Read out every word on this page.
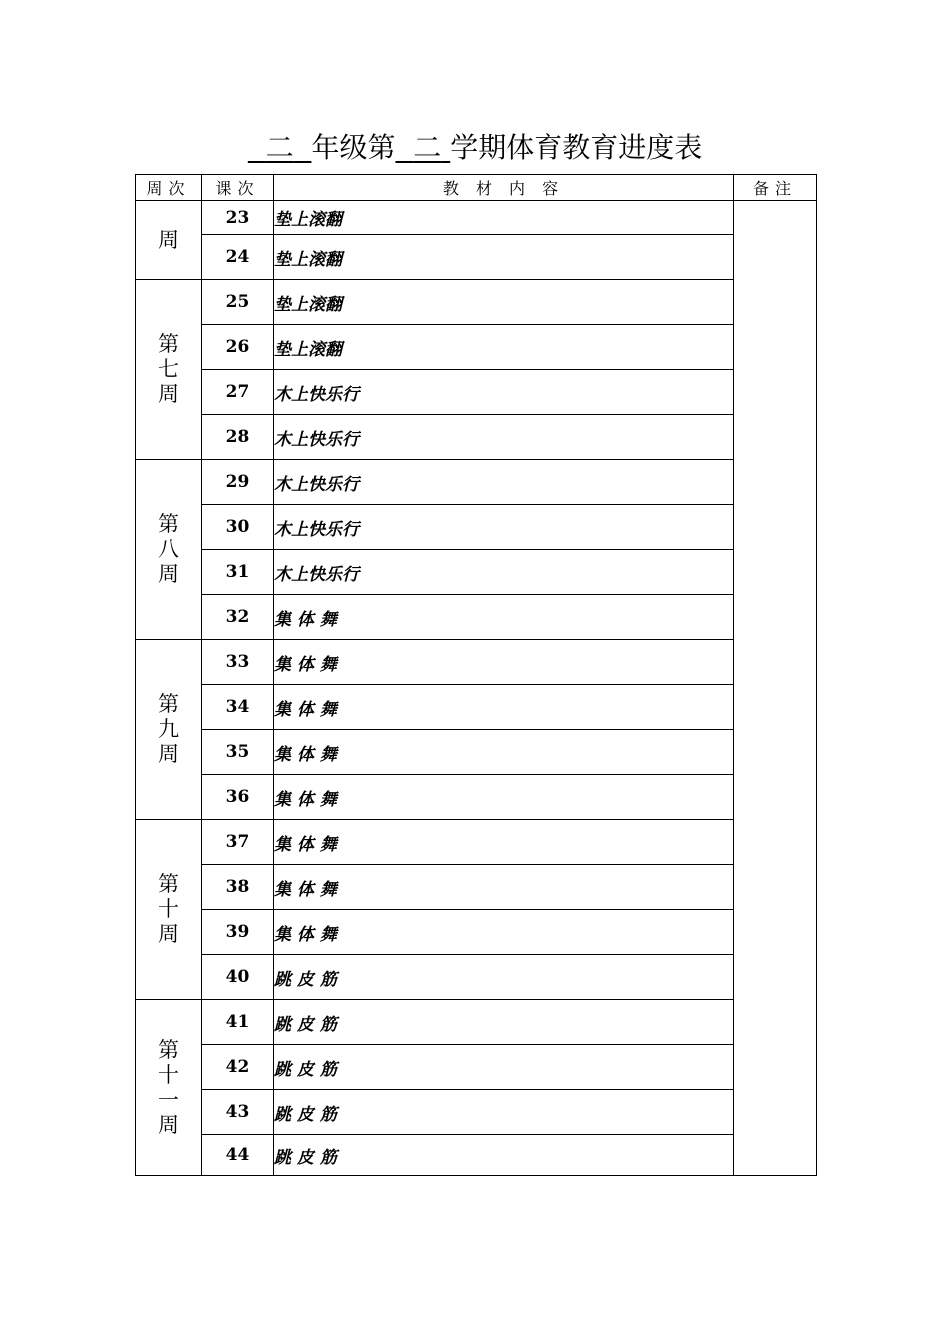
二 年级第 二 学期体育教育进度表
周次	课次	教 材 内 容	备注
周	23	垫上滚翻	
	24	垫上滚翻	
第七周	25	垫上滚翻	
	26	垫上滚翻	
	27	木上快乐行	
	28	木上快乐行	
第八周	29	木上快乐行	
	30	木上快乐行	
	31	木上快乐行	
	32	集 体 舞	
第九周	33	集 体 舞	
	34	集 体 舞	
	35	集 体 舞	
	36	集 体 舞	
第十周	37	集 体 舞	
	38	集 体 舞	
	39	集 体 舞	
	40	跳 皮 筋	
第十一周	41	跳 皮 筋	
	42	跳 皮 筋	
	43	跳 皮 筋	
	44	跳 皮 筋	
